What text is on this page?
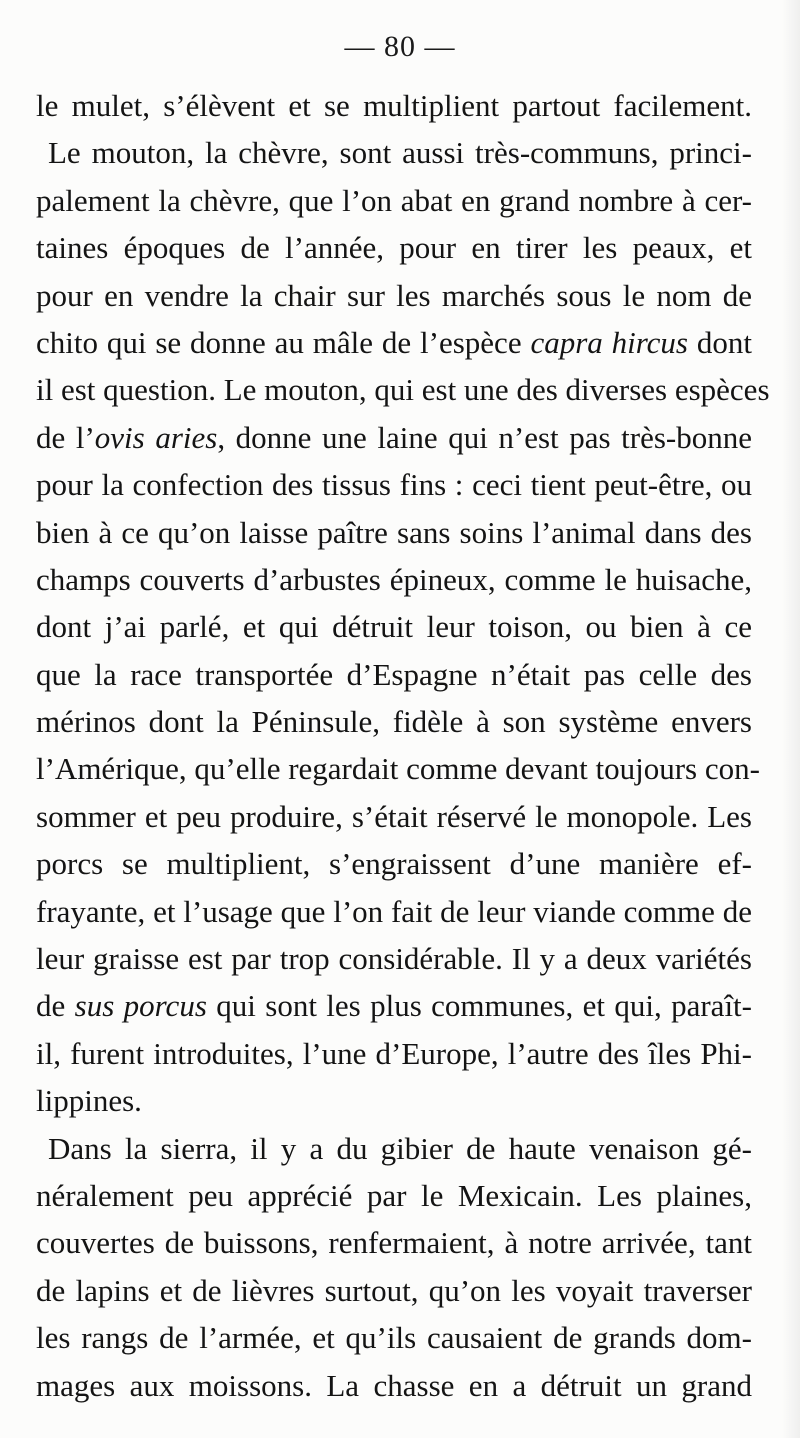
— 80 —
le mulet, s’élèvent et se multiplient partout facilement.
Le mouton, la chèvre, sont aussi très-communs, princi-
palement la chèvre, que l’on abat en grand nombre à cer-
taines époques de l’année, pour en tirer les peaux, et
pour en vendre la chair sur les marchés sous le nom de
chito qui se donne au mâle de l’espèce capra hircus dont
il est question. Le mouton, qui est une des diverses espèces
de l’ovis aries, donne une laine qui n’est pas très-bonne
pour la confection des tissus fins : ceci tient peut-être, ou
bien à ce qu’on laisse paître sans soins l’animal dans des
champs couverts d’arbustes épineux, comme le huisache,
dont j’ai parlé, et qui détruit leur toison, ou bien à ce
que la race transportée d’Espagne n’était pas celle des
mérinos dont la Péninsule, fidèle à son système envers
l’Amérique, qu’elle regardait comme devant toujours con-
sommer et peu produire, s’était réservé le monopole. Les
porcs se multiplient, s’engraissent d’une manière ef-
frayante, et l’usage que l’on fait de leur viande comme de
leur graisse est par trop considérable. Il y a deux variétés
de sus porcus qui sont les plus communes, et qui, paraît-
il, furent introduites, l’une d’Europe, l’autre des îles Phi-
lippines.
Dans la sierra, il y a du gibier de haute venaison gé-
néralement peu apprécié par le Mexicain. Les plaines,
couvertes de buissons, renfermaient, à notre arrivée, tant
de lapins et de lièvres surtout, qu’on les voyait traverser
les rangs de l’armée, et qu’ils causaient de grands dom-
mages aux moissons. La chasse en a détruit un grand
